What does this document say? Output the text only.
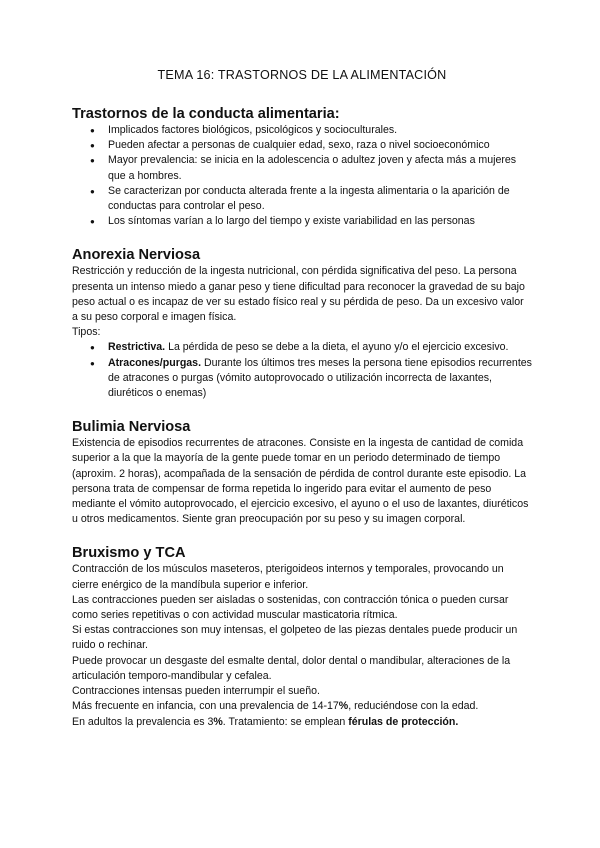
TEMA 16: TRASTORNOS DE LA ALIMENTACIÓN
Trastornos de la conducta alimentaria:
● Implicados factores biológicos, psicológicos y socioculturales.
● Pueden afectar a personas de cualquier edad, sexo, raza o nivel socioeconómico
● Mayor prevalencia: se inicia en la adolescencia o adultez joven y afecta más a mujeres que a hombres.
● Se caracterizan por conducta alterada frente a la ingesta alimentaria o la aparición de conductas para controlar el peso.
● Los síntomas varían a lo largo del tiempo y existe variabilidad en las personas
Anorexia Nerviosa

Restricción y reducción de la ingesta nutricional, con pérdida significativa del peso. La persona presenta un intenso miedo a ganar peso y tiene dificultad para reconocer la gravedad de su bajo peso actual o es incapaz de ver su estado físico real y su pérdida de peso. Da un excesivo valor a su peso corporal e imagen física.

Tipos:

● Restrictiva. La pérdida de peso se debe a la dieta, el ayuno y/o el ejercicio excesivo.
● Atracones/purgas. Durante los últimos tres meses la persona tiene episodios recurrentes de atracones o purgas (vómito autoprovocado o utilización incorrecta de laxantes, diuréticos o enemas)
Bulimia Nerviosa

Existencia de episodios recurrentes de atracones. Consiste en la ingesta de cantidad de comida superior a la que la mayoría de la gente puede tomar en un periodo determinado de tiempo (aproxim. 2 horas), acompañada de la sensación de pérdida de control durante este episodio. La persona trata de compensar de forma repetida lo ingerido para evitar el aumento de peso mediante el vómito autoprovocado, el ejercicio excesivo, el ayuno o el uso de laxantes, diuréticos u otros medicamentos. Siente gran preocupación por su peso y su imagen corporal.

Bruxismo y TCA

Contracción de los músculos maseteros, pterigoideos internos y temporales, provocando un cierre enérgico de la mandíbula superior e inferior.

Las contracciones pueden ser aisladas o sostenidas, con contracción tónica o pueden cursar como series repetitivas o con actividad muscular masticatoria rítmica.

Si estas contracciones son muy intensas, el golpeteo de las piezas dentales puede producir un ruido o rechinar.

Puede provocar un desgaste del esmalte dental, dolor dental o mandibular, alteraciones de la articulación temporo-mandibular y cefalea.

Contracciones intensas pueden interrumpir el sueño.

Más frecuente en infancia, con una prevalencia de 14-17%, reduciéndose con la edad.

En adultos la prevalencia es 3%. Tratamiento: se emplean férulas de protección.
